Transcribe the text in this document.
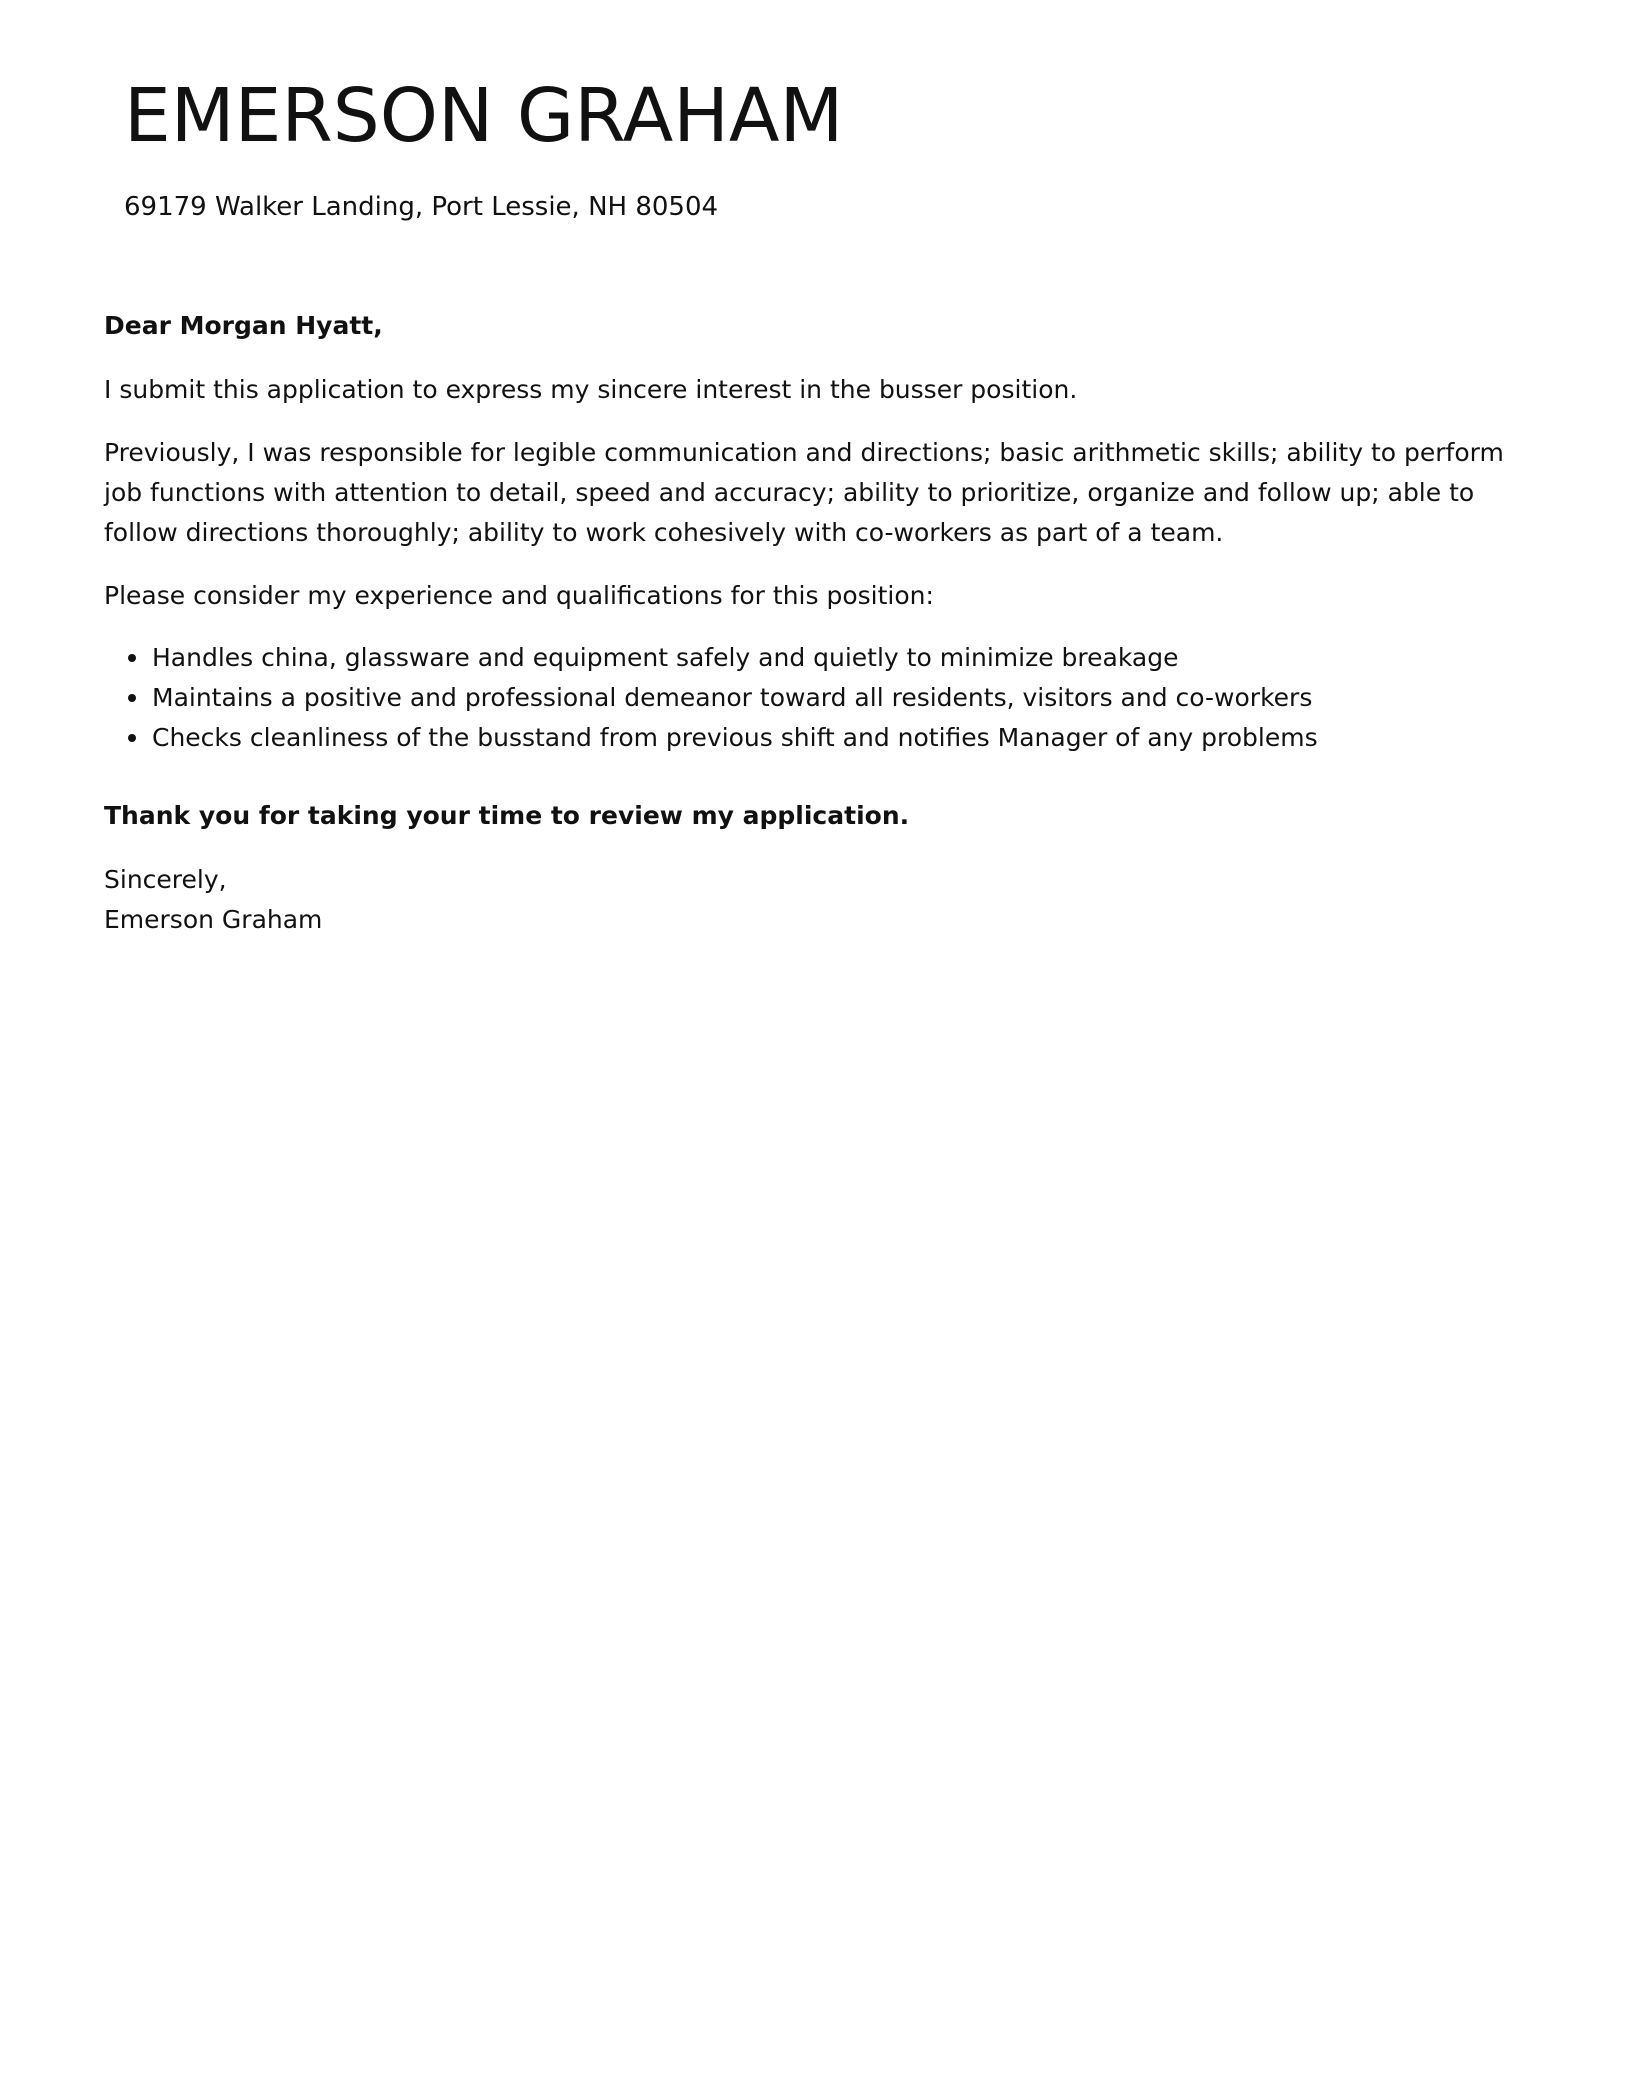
EMERSON GRAHAM
69179 Walker Landing, Port Lessie, NH 80504

Dear Morgan Hyatt,

I submit this application to express my sincere interest in the busser position.

Previously, I was responsible for legible communication and directions; basic arithmetic skills; ability to perform job functions with attention to detail, speed and accuracy; ability to prioritize, organize and follow up; able to follow directions thoroughly; ability to work cohesively with co-workers as part of a team.

Please consider my experience and qualifications for this position:

Handles china, glassware and equipment safely and quietly to minimize breakage
Maintains a positive and professional demeanor toward all residents, visitors and co-workers
Checks cleanliness of the busstand from previous shift and notifies Manager of any problems

Thank you for taking your time to review my application.

Sincerely,
Emerson Graham
